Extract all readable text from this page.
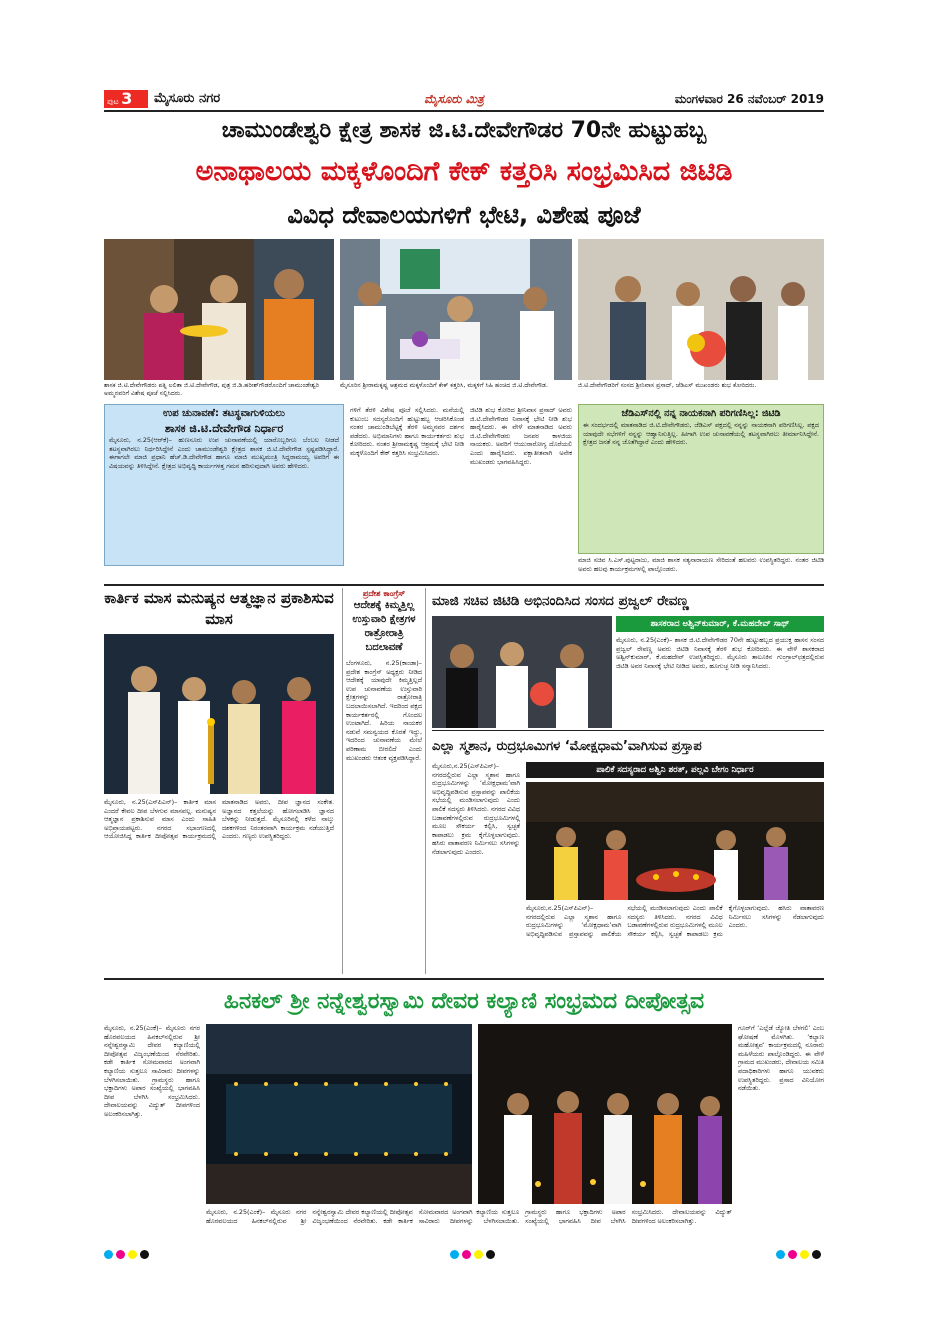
ಪುಟ 3	ಮೈಸೂರು ನಗರ	ಮೈಸೂರು ಮಿತ್ರ	ಮಂಗಳವಾರ 26 ನವೆಂಬರ್ 2019
ಚಾಮುಂಡೇಶ್ವರಿ ಕ್ಷೇತ್ರ ಶಾಸಕ ಜಿ.ಟಿ.ದೇವೇಗೌಡರ 70ನೇ ಹುಟ್ಟುಹಬ್ಬ
ಅನಾಥಾಲಯ ಮಕ್ಕಳೊಂದಿಗೆ ಕೇಕ್ ಕತ್ತರಿಸಿ ಸಂಭ್ರಮಿಸಿದ ಜಿಟಿಡಿ
ವಿವಿಧ ದೇವಾಲಯಗಳಿಗೆ ಭೇಟಿ, ವಿಶೇಷ ಪೂಜೆ
ಶಾಸಕ ಜಿ.ಟಿ.ದೇವೇಗೌಡರು ಪತ್ನಿ ಲಲಿತಾ ಜಿ.ಟಿ.ದೇವೇಗೌಡ, ಪುತ್ರ ಜಿ.ಡಿ.ಹರೀಶ್‌ಗೌಡರೊಂದಿಗೆ ಚಾಮುಂಡೇಶ್ವರಿ ಅಮ್ಮನವರಿಗೆ ವಿಶೇಷ ಪೂಜೆ ಸಲ್ಲಿಸಿದರು.
ಮೈಸೂರಿನ ಶ್ರೀರಾಮಕೃಷ್ಣ ಆಶ್ರಮದ ಮಕ್ಕಳೊಂದಿಗೆ ಕೇಕ್ ಕತ್ತರಿಸಿ, ಮಕ್ಕಳಿಗೆ ಸಿಹಿ ಹಂಚಿದ ಜಿ.ಟಿ.ದೇವೇಗೌಡ.	ಜಿ.ಟಿ.ದೇವೇಗೌಡರಿಗೆ ಸಂಸದ ಶ್ರೀನಿವಾಸ ಪ್ರಸಾದ್, ಜೆಡಿಎಸ್ ಮುಖಂಡರು ಶುಭ ಕೋರಿದರು.
ಉಪ ಚುನಾವಣೆ: ತಟಸ್ಥವಾಗುಳಿಯಲು
ಶಾಸಕ ಜಿ.ಟಿ.ದೇವೇಗೌಡ ನಿರ್ಧಾರ
ಮೈಸೂರು, ನ.25(ಆರ್‌ಕೆ)– ಹುಣಸೂರು ಉಪ ಚುನಾವಣೆಯಲ್ಲಿ ಯಾರೊಬ್ಬರಿಗೂ ಬೆಂಬಲ ನೀಡದೆ ತಟಸ್ಥವಾಗಿರಲು ನಿರ್ಧರಿಸಿದ್ದೇನೆ ಎಂದು ಚಾಮುಂಡೇಶ್ವರಿ ಕ್ಷೇತ್ರದ ಶಾಸಕ ಜಿ.ಟಿ.ದೇವೇಗೌಡ ಸ್ಪಷ್ಟಪಡಿಸಿದ್ದಾರೆ. ಈಗಾಗಲೇ ಮಾಜಿ ಪ್ರಧಾನಿ ಹೆಚ್.ಡಿ.ದೇವೇಗೌಡ ಹಾಗೂ ಮಾಜಿ ಮುಖ್ಯಮಂತ್ರಿ ಸಿದ್ದರಾಮಯ್ಯ ಅವರಿಗೆ ಈ ವಿಷಯವನ್ನು ತಿಳಿಸಿದ್ದೇನೆ. ಕ್ಷೇತ್ರದ ಅಭಿವೃದ್ಧಿ ಕಾರ್ಯಗಳತ್ತ ಗಮನ ಹರಿಸುವುದಾಗಿ ಅವರು ಹೇಳಿದರು.
ಗಳಿಗೆ ತೆರಳಿ ವಿಶೇಷ ಪೂಜೆ ಸಲ್ಲಿಸಿದರು. ಮನೆಯಲ್ಲಿ ಕುಟುಂಬ ಸದಸ್ಯರೊಂದಿಗೆ ಹುಟ್ಟುಹಬ್ಬ ಆಚರಿಸಿಕೊಂಡ ನಂತರ ಚಾಮುಂಡಿಬೆಟ್ಟಕ್ಕೆ ತೆರಳಿ ಅಮ್ಮನವರ ದರ್ಶನ ಪಡೆದರು. ಅಭಿಮಾನಿಗಳು ಹಾಗೂ ಕಾರ್ಯಕರ್ತರು ಶುಭ ಕೋರಿದರು. ನಂತರ ಶ್ರೀರಾಮಕೃಷ್ಣ ಆಶ್ರಮಕ್ಕೆ ಭೇಟಿ ನೀಡಿ ಮಕ್ಕಳೊಂದಿಗೆ ಕೇಕ್ ಕತ್ತರಿಸಿ ಸಂಭ್ರಮಿಸಿದರು.
ಜಿಟಿಡಿ ಶುಭ ಕೋರಿದ ಶ್ರೀನಿವಾಸ ಪ್ರಸಾದ್ ಅವರು ಜಿ.ಟಿ.ದೇವೇಗೌಡರ ನಿವಾಸಕ್ಕೆ ಭೇಟಿ ನೀಡಿ ಶುಭ ಹಾರೈಸಿದರು. ಈ ವೇಳೆ ಮಾತನಾಡಿದ ಅವರು ಜಿ.ಟಿ.ದೇವೇಗೌಡರು ಜನಪರ ಕಾಳಜಿಯ ನಾಯಕರು. ಅವರಿಗೆ ಆಯುರಾರೋಗ್ಯ ದೊರೆಯಲಿ ಎಂದು ಹಾರೈಸಿದರು. ಪಕ್ಷಾತೀತವಾಗಿ ಅನೇಕ ಮುಖಂಡರು ಭಾಗವಹಿಸಿದ್ದರು.
ಜೆಡಿಎಸ್‌ನಲ್ಲಿ ನನ್ನ ನಾಯಕನಾಗಿ ಪರಿಗಣಿಸಿಲ್ಲ: ಜಿಟಿಡಿ
ಈ ಸಂದರ್ಭದಲ್ಲಿ ಮಾತನಾಡಿದ ಜಿ.ಟಿ.ದೇವೇಗೌಡರು, ಜೆಡಿಎಸ್ ಪಕ್ಷದಲ್ಲಿ ನನ್ನನ್ನು ನಾಯಕನಾಗಿ ಪರಿಗಣಿಸಿಲ್ಲ. ಪಕ್ಷದ ಯಾವುದೇ ಸಭೆಗಳಿಗೆ ನನ್ನನ್ನು ಆಹ್ವಾನಿಸುತ್ತಿಲ್ಲ. ಹೀಗಾಗಿ ಉಪ ಚುನಾವಣೆಯಲ್ಲಿ ತಟಸ್ಥವಾಗಿರಲು ತೀರ್ಮಾನಿಸಿದ್ದೇನೆ. ಕ್ಷೇತ್ರದ ಜನತೆ ನನ್ನ ಜೊತೆಗಿದ್ದಾರೆ ಎಂದು ಹೇಳಿದರು.
ಮಾಜಿ ಸಚಿವ ಸಿ.ಎಸ್.ಪುಟ್ಟರಾಜು, ಮಾಜಿ ಶಾಸಕ ಸತ್ಯನಾರಾಯಣ ಸೇರಿದಂತೆ ಹಲವರು ಉಪಸ್ಥಿತರಿದ್ದರು. ನಂತರ ಜಿಟಿಡಿ ಅವರು ಹಲವು ಕಾರ್ಯಕ್ರಮಗಳಲ್ಲಿ ಪಾಲ್ಗೊಂಡರು.
ಕಾರ್ತಿಕ ಮಾಸ ಮನುಷ್ಯನ ಆತ್ಮಜ್ಞಾನ ಪ್ರಕಾಶಿಸುವ ಮಾಸ
ಮೈಸೂರು, ನ.25(ಎಸ್‌ಪಿಎನ್)– ಕಾರ್ತಿಕ ಮಾಸ ಎಂದರೆ ಕೇವಲ ದೀಪ ಬೆಳಗುವ ಮಾಸವಲ್ಲ. ಮನುಷ್ಯನ ಆತ್ಮಜ್ಞಾನ ಪ್ರಕಾಶಿಸುವ ಮಾಸ ಎಂದು ಸಾಹಿತಿ ಅಭಿಪ್ರಾಯಪಟ್ಟರು. ನಗರದ ಸಭಾಂಗಣದಲ್ಲಿ ಆಯೋಜಿಸಿದ್ದ ಕಾರ್ತಿಕ ದೀಪೋತ್ಸವ ಕಾರ್ಯಕ್ರಮದಲ್ಲಿ ಮಾತನಾಡಿದ ಅವರು, ದೀಪ ಜ್ಞಾನದ ಸಂಕೇತ. ಅಜ್ಞಾನದ ಕತ್ತಲೆಯನ್ನು ಹೋಗಲಾಡಿಸಿ ಜ್ಞಾನದ ಬೆಳಕನ್ನು ನೀಡುತ್ತದೆ. ಮೈಸೂರಿನಲ್ಲಿ ಕಳೆದ ನಾಲ್ಕು ದಶಕಗಳಿಂದ ನಿರಂತರವಾಗಿ ಕಾರ್ಯಕ್ರಮ ನಡೆಯುತ್ತಿದೆ ಎಂದರು. ಗಣ್ಯರು ಉಪಸ್ಥಿತರಿದ್ದರು.
ಪ್ರದೇಶ ಕಾಂಗ್ರೆಸ್
ಆದೇಶಕ್ಕೆ ಕಿಮ್ಮತ್ತಿಲ್ಲ ಉಸ್ತುವಾರಿ ಕ್ಷೇತ್ರಗಳ ರಾತ್ರೋರಾತ್ರಿ ಬದಲಾವಣೆ
ಬೆಂಗಳೂರು, ನ.25(ಕಾಂಡಾ)– ಪ್ರದೇಶ ಕಾಂಗ್ರೆಸ್ ಅಧ್ಯಕ್ಷರು ನೀಡಿದ ಆದೇಶಕ್ಕೆ ಯಾವುದೇ ಕಿಮ್ಮತ್ತಿಲ್ಲದೆ ಉಪ ಚುನಾವಣೆಯ ಉಸ್ತುವಾರಿ ಕ್ಷೇತ್ರಗಳನ್ನು ರಾತ್ರೋರಾತ್ರಿ ಬದಲಾಯಿಸಲಾಗಿದೆ. ಇದರಿಂದ ಪಕ್ಷದ ಕಾರ್ಯಕರ್ತರಲ್ಲಿ ಗೊಂದಲ ಉಂಟಾಗಿದೆ. ಹಿರಿಯ ನಾಯಕರ ನಡುವೆ ಸಮನ್ವಯದ ಕೊರತೆ ಇದ್ದು, ಇದರಿಂದ ಚುನಾವಣೆಯ ಮೇಲೆ ಪರಿಣಾಮ ಬೀರಲಿದೆ ಎಂದು ಮುಖಂಡರು ಆತಂಕ ವ್ಯಕ್ತಪಡಿಸಿದ್ದಾರೆ.
ಮಾಜಿ ಸಚಿವ ಜಿಟಿಡಿ ಅಭಿನಂದಿಸಿದ ಸಂಸದ ಪ್ರಜ್ವಲ್ ರೇವಣ್ಣ
ಶಾಸಕರಾದ ಅಶ್ವಿನ್‌ಕುಮಾರ್, ಕೆ.ಮಹದೇವ್ ಸಾಥ್
ಮೈಸೂರು, ನ.25(ಎಂಕೆ)– ಶಾಸಕ ಜಿ.ಟಿ.ದೇವೇಗೌಡರ 70ನೇ ಹುಟ್ಟುಹಬ್ಬದ ಪ್ರಯುಕ್ತ ಹಾಸನ ಸಂಸದ ಪ್ರಜ್ವಲ್ ರೇವಣ್ಣ ಅವರು ಜಿಟಿಡಿ ನಿವಾಸಕ್ಕೆ ತೆರಳಿ ಶುಭ ಕೋರಿದರು. ಈ ವೇಳೆ ಶಾಸಕರಾದ ಅಶ್ವಿನ್‌ಕುಮಾರ್, ಕೆ.ಮಹದೇವ್ ಉಪಸ್ಥಿತರಿದ್ದರು. ಮೈಸೂರು ತಾಲೂಕಿನ ಗುಂಗ್ರಾಲ್‌ಛತ್ರದಲ್ಲಿರುವ ಜಿಟಿಡಿ ಅವರ ನಿವಾಸಕ್ಕೆ ಭೇಟಿ ನೀಡಿದ ಅವರು, ಹೂಗುಚ್ಛ ನೀಡಿ ಸನ್ಮಾನಿಸಿದರು.
ಎಲ್ಲಾ ಸ್ಮಶಾನ, ರುದ್ರಭೂಮಿಗಳ ‘ಮೋಕ್ಷಧಾಮ’ವಾಗಿಸುವ ಪ್ರಸ್ತಾಪ
ಪಾಲಿಕೆ ಸದಸ್ಯರಾದ ಅಶ್ವಿನಿ ಶರತ್, ಪಲ್ಲವಿ ಬೇಗಂ ನಿರ್ಧಾರ
ಮೈಸೂರು,ನ.25(ಎಸ್‌ಪಿಎನ್)– ನಗರದಲ್ಲಿರುವ ಎಲ್ಲಾ ಸ್ಮಶಾನ ಹಾಗೂ ರುದ್ರಭೂಮಿಗಳನ್ನು ‘ಮೋಕ್ಷಧಾಮ’ವಾಗಿ ಅಭಿವೃದ್ಧಿಪಡಿಸುವ ಪ್ರಸ್ತಾಪವನ್ನು ಪಾಲಿಕೆಯ ಸಭೆಯಲ್ಲಿ ಮಂಡಿಸಲಾಗುವುದು ಎಂದು ಪಾಲಿಕೆ ಸದಸ್ಯರು ತಿಳಿಸಿದರು. ನಗರದ ವಿವಿಧ ಬಡಾವಣೆಗಳಲ್ಲಿರುವ ರುದ್ರಭೂಮಿಗಳಲ್ಲಿ ಮೂಲ ಸೌಕರ್ಯ ಕಲ್ಪಿಸಿ, ಸ್ವಚ್ಛತೆ ಕಾಪಾಡಲು ಕ್ರಮ ಕೈಗೊಳ್ಳಲಾಗುವುದು. ಹಸಿರು ವಾತಾವರಣ ನಿರ್ಮಿಸಲು ಸಸಿಗಳನ್ನು ನೆಡಲಾಗುವುದು ಎಂದರು.
ಮೈಸೂರು,ನ.25(ಎಸ್‌ಪಿಎನ್)– ನಗರದಲ್ಲಿರುವ ಎಲ್ಲಾ ಸ್ಮಶಾನ ಹಾಗೂ ರುದ್ರಭೂಮಿಗಳನ್ನು ‘ಮೋಕ್ಷಧಾಮ’ವಾಗಿ ಅಭಿವೃದ್ಧಿಪಡಿಸುವ ಪ್ರಸ್ತಾಪವನ್ನು ಪಾಲಿಕೆಯ ಸಭೆಯಲ್ಲಿ ಮಂಡಿಸಲಾಗುವುದು ಎಂದು ಪಾಲಿಕೆ ಸದಸ್ಯರು ತಿಳಿಸಿದರು. ನಗರದ ವಿವಿಧ ಬಡಾವಣೆಗಳಲ್ಲಿರುವ ರುದ್ರಭೂಮಿಗಳಲ್ಲಿ ಮೂಲ ಸೌಕರ್ಯ ಕಲ್ಪಿಸಿ, ಸ್ವಚ್ಛತೆ ಕಾಪಾಡಲು ಕ್ರಮ ಕೈಗೊಳ್ಳಲಾಗುವುದು. ಹಸಿರು ವಾತಾವರಣ ನಿರ್ಮಿಸಲು ಸಸಿಗಳನ್ನು ನೆಡಲಾಗುವುದು ಎಂದರು.
ಹಿನಕಲ್ ಶ್ರೀ ನನ್ನೇಶ್ವರಸ್ವಾಮಿ ದೇವರ ಕಲ್ಯಾಣಿ ಸಂಭ್ರಮದ ದೀಪೋತ್ಸವ
ಮೈಸೂರು, ನ.25(ಎಂಕೆ)– ಮೈಸೂರು ನಗರ ಹೊರವಲಯದ ಹಿನಕಲ್‌ನಲ್ಲಿರುವ ಶ್ರೀ ನನ್ನೇಶ್ವರಸ್ವಾಮಿ ದೇವರ ಕಲ್ಯಾಣಿಯಲ್ಲಿ ದೀಪೋತ್ಸವ ವಿಜೃಂಭಣೆಯಿಂದ ನೆರವೇರಿತು. ಕಡೇ ಕಾರ್ತಿಕ ಸೋಮವಾರದ ಅಂಗವಾಗಿ ಕಲ್ಯಾಣಿಯ ಸುತ್ತಲೂ ಸಾವಿರಾರು ದೀಪಗಳನ್ನು ಬೆಳಗಿಸಲಾಯಿತು. ಗ್ರಾಮಸ್ಥರು ಹಾಗೂ ಭಕ್ತಾದಿಗಳು ಅಪಾರ ಸಂಖ್ಯೆಯಲ್ಲಿ ಭಾಗವಹಿಸಿ ದೀಪ ಬೆಳಗಿಸಿ ಸಂಭ್ರಮಿಸಿದರು. ದೇವಾಲಯವನ್ನು ವಿದ್ಯುತ್ ದೀಪಗಳಿಂದ ಅಲಂಕರಿಸಲಾಗಿತ್ತು.
ಗೂರ್‌ಗೆ ‘ಎಲ್ಲೆಡೆ ಜ್ಯೋತಿ ಬೆಳಗಲಿ’ ಎಂಬ ಘೋಷಣೆ ಮೊಳಗಿತು. ‘ಕಲ್ಯಾಣ ಮಹೋತ್ಸವ’ ಕಾರ್ಯಕ್ರಮದಲ್ಲಿ ನೂರಾರು ಮಹಿಳೆಯರು ಪಾಲ್ಗೊಂಡಿದ್ದರು. ಈ ವೇಳೆ ಗ್ರಾಮದ ಮುಖಂಡರು, ದೇವಾಲಯ ಸಮಿತಿ ಪದಾಧಿಕಾರಿಗಳು ಹಾಗೂ ಯುವಕರು ಉಪಸ್ಥಿತರಿದ್ದರು. ಪ್ರಸಾದ ವಿನಿಯೋಗ ನಡೆಯಿತು.
ಮೈಸೂರು, ನ.25(ಎಂಕೆ)– ಮೈಸೂರು ನಗರ ಹೊರವಲಯದ ಹಿನಕಲ್‌ನಲ್ಲಿರುವ ಶ್ರೀ ನನ್ನೇಶ್ವರಸ್ವಾಮಿ ದೇವರ ಕಲ್ಯಾಣಿಯಲ್ಲಿ ದೀಪೋತ್ಸವ ವಿಜೃಂಭಣೆಯಿಂದ ನೆರವೇರಿತು. ಕಡೇ ಕಾರ್ತಿಕ ಸೋಮವಾರದ ಅಂಗವಾಗಿ ಕಲ್ಯಾಣಿಯ ಸುತ್ತಲೂ ಸಾವಿರಾರು ದೀಪಗಳನ್ನು ಬೆಳಗಿಸಲಾಯಿತು. ಗ್ರಾಮಸ್ಥರು ಹಾಗೂ ಭಕ್ತಾದಿಗಳು ಅಪಾರ ಸಂಖ್ಯೆಯಲ್ಲಿ ಭಾಗವಹಿಸಿ ದೀಪ ಬೆಳಗಿಸಿ ಸಂಭ್ರಮಿಸಿದರು. ದೇವಾಲಯವನ್ನು ವಿದ್ಯುತ್ ದೀಪಗಳಿಂದ ಅಲಂಕರಿಸಲಾಗಿತ್ತು.
